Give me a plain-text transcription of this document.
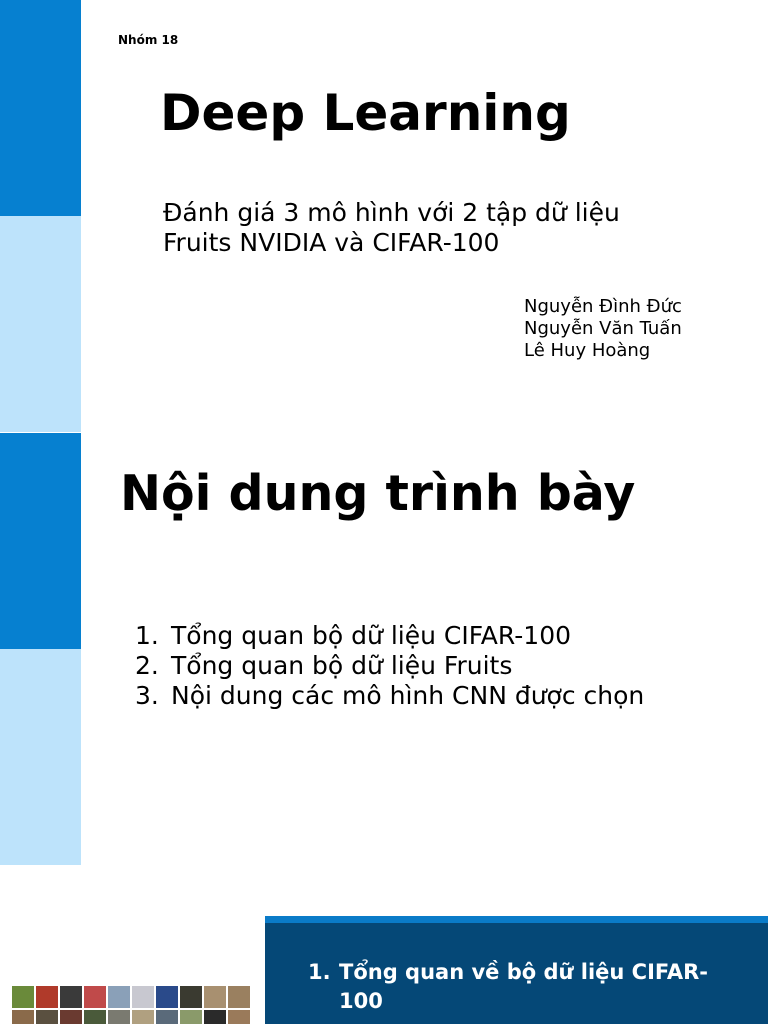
Nhóm 18
Deep Learning

Đánh giá 3 mô hình với 2 tập dữ liệu Fruits NVIDIA và CIFAR-100

Nguyễn Đình Đức
Nguyễn Văn Tuấn
Lê Huy Hoàng
Nội dung trình bày
1. Tổng quan bộ dữ liệu CIFAR-100
2. Tổng quan bộ dữ liệu Fruits
3. Nội dung các mô hình CNN được chọn
1. Tổng quan về bộ dữ liệu CIFAR-100
